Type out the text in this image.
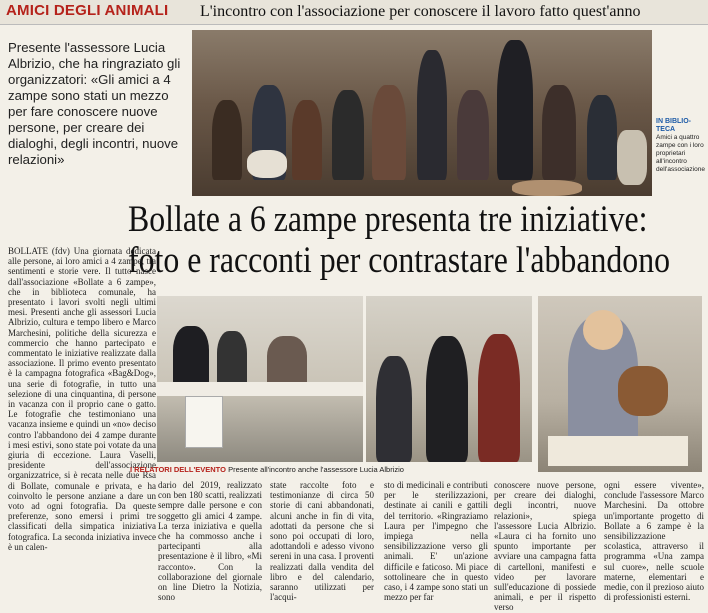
AMICI DEGLI ANIMALI L'incontro con l'associazione per conoscere il lavoro fatto quest'anno
Presente l'assessore Lucia Albrizio, che ha ringraziato gli organizzatori: «Gli amici a 4 zampe sono stati un mezzo per fare conoscere nuove persone, per creare dei dialoghi, degli incontri, nuove relazioni»
IN BIBLIO-TECA
Amici a quattro zampe con i loro proprietari all'incontro dell'associazione
Bollate a 6 zampe presenta tre iniziative:
foto e racconti per contrastare l'abbandono
BOLLATE (fdv) Una giornata dedicata alle persone, ai loro amici a 4 zampe, tra sentimenti e storie vere. Il tutto nasce dall'associazione «Bollate a 6 zampe», che in biblioteca comunale, ha presentato i lavori svolti negli ultimi mesi. Presenti anche gli assessori Lucia Albrizio, cultura e tempo libero e Marco Marchesini, politiche della sicurezza e commercio che hanno partecipato e commentato le iniziative realizzate dalla associazione. Il primo evento presentato è la campagna fotografica «Bag&Dog», una serie di fotografie, in tutto una selezione di una cinquantina, di persone in vacanza con il proprio cane o gatto. Le fotografie che testimoniano una vacanza insieme e quindi un «no» deciso contro l'abbandono dei 4 zampe durante i mesi estivi, sono state poi votate da una giuria di eccezione. Laura Vaselli, presidente dell'associazione organizzatrice, si è recata nelle due Rsa di Bollate, comunale e privata, e ha coinvolto le persone anziane a dare un voto ad ogni fotografia. Da queste preferenze, sono emersi i primi tre classificati della simpatica iniziativa fotografica. La seconda iniziativa invece è un calen-
I RELATORI DELL'EVENTO Presente all'incontro anche l'assessore Lucia Albrizio
dario del 2019, realizzato con ben 180 scatti, realizzati sempre dalle persone e con soggetto gli amici 4 zampe. La terza iniziativa e quella che ha commosso anche i partecipanti alla presentazione è il libro, «Mi racconto». Con la collaborazione del giornale on line Dietro la Notizia, sono
state raccolte foto e testimonianze di circa 50 storie di cani abbandonati, alcuni anche in fin di vita, adottati da persone che si sono poi occupati di loro, adottandoli e adesso vivono sereni in una casa. I proventi realizzati dalla vendita del libro e del calendario, saranno utilizzati per l'acqui-
sto di medicinali e contributi per le sterilizzazioni, destinate ai canili e gattili del territorio. «Ringraziamo Laura per l'impegno che impiega nella sensibilizzazione verso gli animali. E' un'azione difficile e faticoso. Mi piace sottolineare che in questo caso, i 4 zampe sono stati un mezzo per far
conoscere nuove persone, per creare dei dialoghi, degli incontri, nuove relazioni», spiega l'assessore Lucia Albrizio. «Laura ci ha fornito uno spunto importante per avviare una campagna fatta di cartelloni, manifesti e video per lavorare sull'educazione di possiede animali, e per il rispetto verso
ogni essere vivente», conclude l'assessore Marco Marchesini. Da ottobre un'importante progetto di Bollate a 6 zampe è la sensibilizzazione scolastica, attraverso il programma «Una zampa sul cuore», nelle scuole materne, elementari e medie, con il prezioso aiuto di professionisti esterni.
